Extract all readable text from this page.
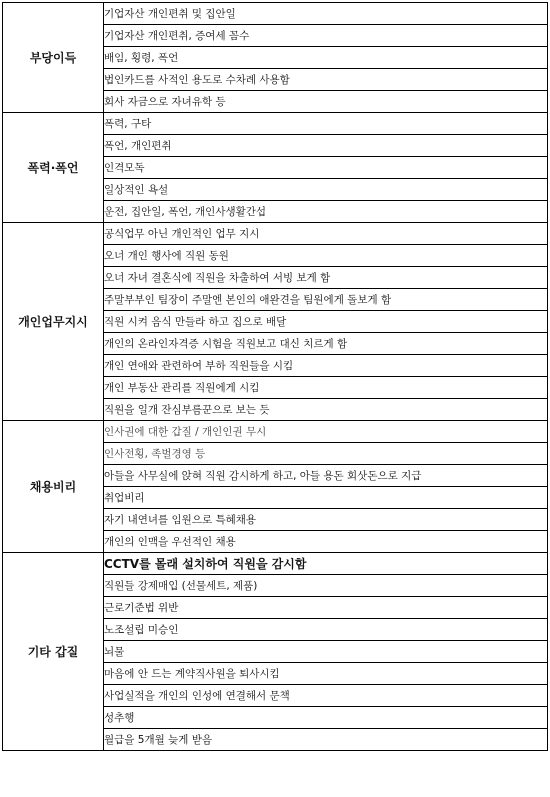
부당이득	기업자산 개인편취 및 집안일
	기업자산 개인편취, 증여세 꼼수
	배임, 횡령, 폭언
	법인카드를 사적인 용도로 수차례 사용함
	회사 자금으로 자녀유학 등
폭력·폭언	폭력, 구타
	폭언, 개인편취
	인격모독
	일상적인 욕설
	운전, 집안일, 폭언, 개인사생활간섭
개인업무지시	공식업무 아닌 개인적인 업무 지시
	오너 개인 행사에 직원 동원
	오너 자녀 결혼식에 직원을 차출하여 서빙 보게 함
	주말부부인 팀장이 주말엔 본인의 애완견을 팀원에게 돌보게 함
	직원 시켜 음식 만들라 하고 집으로 배달
	개인의 온라인자격증 시험을 직원보고 대신 치르게 함
	개인 연애와 관련하여 부하 직원들을 시킴
	개인 부동산 관리를 직원에게 시킴
	직원을 일개 잔심부름꾼으로 보는 듯
채용비리	인사권에 대한 갑질 / 개인인권 무시
	인사전횡, 족벌경영 등
	아들을 사무실에 앉혀 직원 감시하게 하고, 아들 용돈 회삿돈으로 지급
	취업비리
	자기 내연녀를 임원으로 특혜채용
	개인의 인맥을 우선적인 채용
기타 갑질	CCTV를 몰래 설치하여 직원을 감시함
	직원들 강제매입 (선물세트, 제품)
	근로기준법 위반
	노조설립 미승인
	뇌물
	마음에 안 드는 계약직사원을 퇴사시킴
	사업실적을 개인의 인성에 연결해서 문책
	성추행
	월급을 5개월 늦게 받음
